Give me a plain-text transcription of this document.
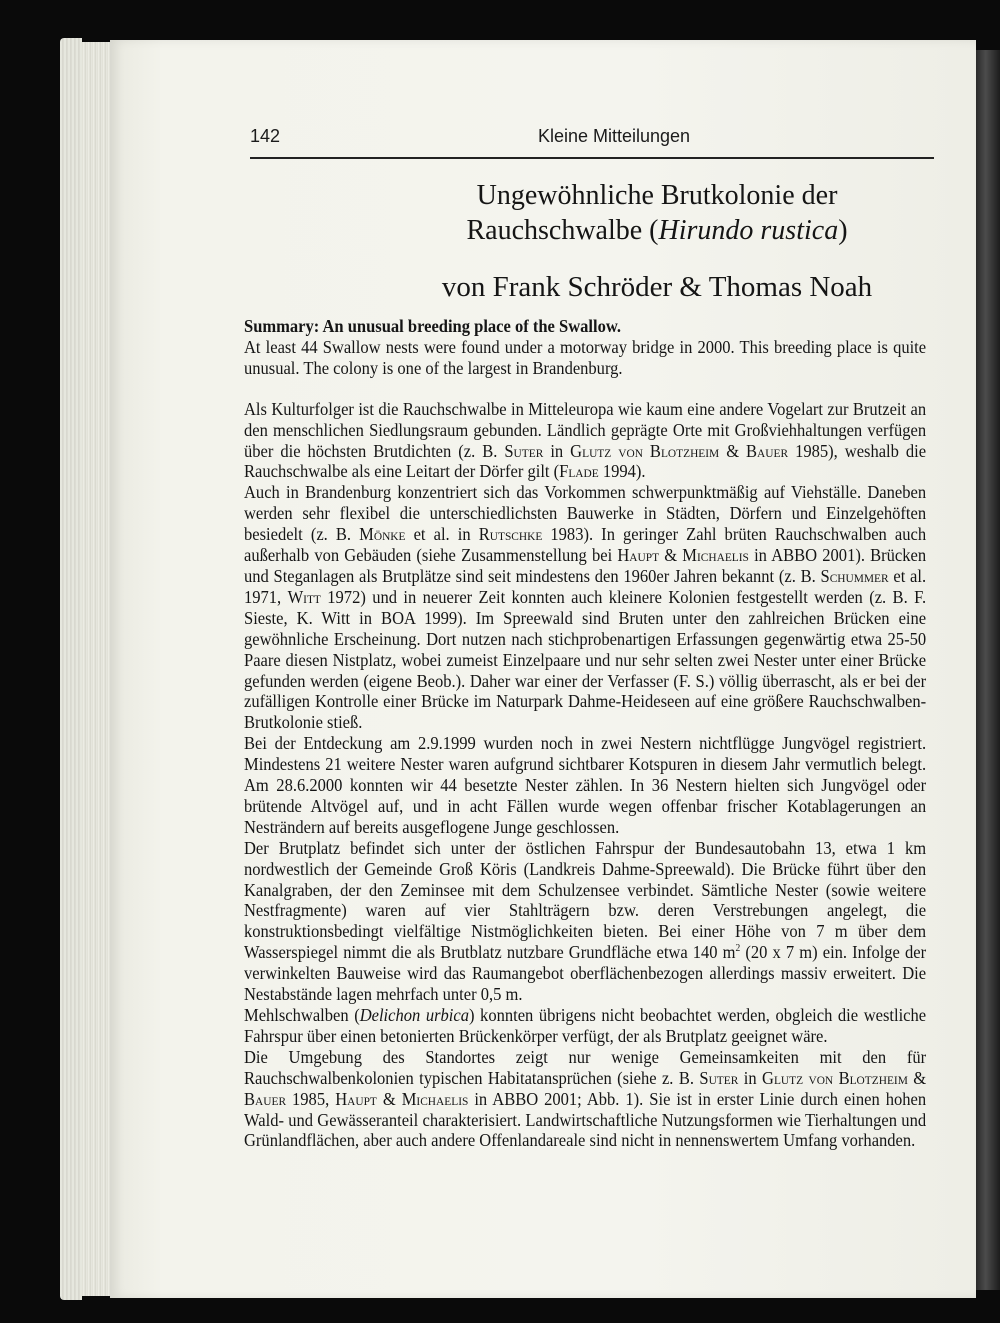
142	Kleine Mitteilungen
Ungewöhnliche Brutkolonie der
Rauchschwalbe (Hirundo rustica)
von Frank Schröder & Thomas Noah
Summary: An unusual breeding place of the Swallow.

At least 44 Swallow nests were found under a motorway bridge in 2000. This breeding place is quite unusual. The colony is one of the largest in Brandenburg.

Als Kulturfolger ist die Rauchschwalbe in Mitteleuropa wie kaum eine andere Vogelart zur Brutzeit an den menschlichen Siedlungsraum gebunden. Ländlich geprägte Orte mit Großviehhaltungen verfügen über die höchsten Brutdichten (z. B. Suter in Glutz von Blotzheim & Bauer 1985), weshalb die Rauchschwalbe als eine Leitart der Dörfer gilt (Flade 1994).

Auch in Brandenburg konzentriert sich das Vorkommen schwerpunktmäßig auf Viehställe. Daneben werden sehr flexibel die unterschiedlichsten Bauwerke in Städten, Dörfern und Einzelgehöften besiedelt (z. B. Mönke et al. in Rutschke 1983). In geringer Zahl brüten Rauchschwalben auch außerhalb von Gebäuden (siehe Zusammenstellung bei Haupt & Michaelis in ABBO 2001). Brücken und Steganlagen als Brutplätze sind seit mindestens den 1960er Jahren bekannt (z. B. Schummer et al. 1971, Witt 1972) und in neuerer Zeit konnten auch kleinere Kolonien festgestellt werden (z. B. F. Sieste, K. Witt in BOA 1999). Im Spreewald sind Bruten unter den zahlreichen Brücken eine gewöhnliche Erscheinung. Dort nutzen nach stichprobenartigen Erfassungen gegenwärtig etwa 25-50 Paare diesen Nistplatz, wobei zumeist Einzelpaare und nur sehr selten zwei Nester unter einer Brücke gefunden werden (eigene Beob.). Daher war einer der Verfasser (F. S.) völlig überrascht, als er bei der zufälligen Kontrolle einer Brücke im Naturpark Dahme-Heideseen auf eine größere Rauchschwalben-Brutkolonie stieß.

Bei der Entdeckung am 2.9.1999 wurden noch in zwei Nestern nichtflügge Jungvögel registriert. Mindestens 21 weitere Nester waren aufgrund sichtbarer Kotspuren in diesem Jahr vermutlich belegt. Am 28.6.2000 konnten wir 44 besetzte Nester zählen. In 36 Nestern hielten sich Jungvögel oder brütende Altvögel auf, und in acht Fällen wurde wegen offenbar frischer Kotablagerungen an Nesträndern auf bereits ausgeflogene Junge geschlossen.

Der Brutplatz befindet sich unter der östlichen Fahrspur der Bundesautobahn 13, etwa 1 km nordwestlich der Gemeinde Groß Köris (Landkreis Dahme-Spreewald). Die Brücke führt über den Kanalgraben, der den Zeminsee mit dem Schulzensee verbindet. Sämtliche Nester (sowie weitere Nestfragmente) waren auf vier Stahlträgern bzw. deren Verstrebungen angelegt, die konstruktionsbedingt vielfältige Nistmöglichkeiten bieten. Bei einer Höhe von 7 m über dem Wasserspiegel nimmt die als Brutblatz nutzbare Grundfläche etwa 140 $m^2$ (20 x 7 m) ein. Infolge der verwinkelten Bauweise wird das Raumangebot oberflächenbezogen allerdings massiv erweitert. Die Nestabstände lagen mehrfach unter 0,5 m.

Mehlschwalben (Delichon urbica) konnten übrigens nicht beobachtet werden, obgleich die westliche Fahrspur über einen betonierten Brückenkörper verfügt, der als Brutplatz geeignet wäre.

Die Umgebung des Standortes zeigt nur wenige Gemeinsamkeiten mit den für Rauchschwalbenkolonien typischen Habitatansprüchen (siehe z. B. Suter in Glutz von Blotzheim & Bauer 1985, Haupt & Michaelis in ABBO 2001; Abb. 1). Sie ist in erster Linie durch einen hohen Wald- und Gewässeranteil charakterisiert. Landwirtschaftliche Nutzungsformen wie Tierhaltungen und Grünlandflächen, aber auch andere Offenlandareale sind nicht in nennenswertem Umfang vorhanden.
